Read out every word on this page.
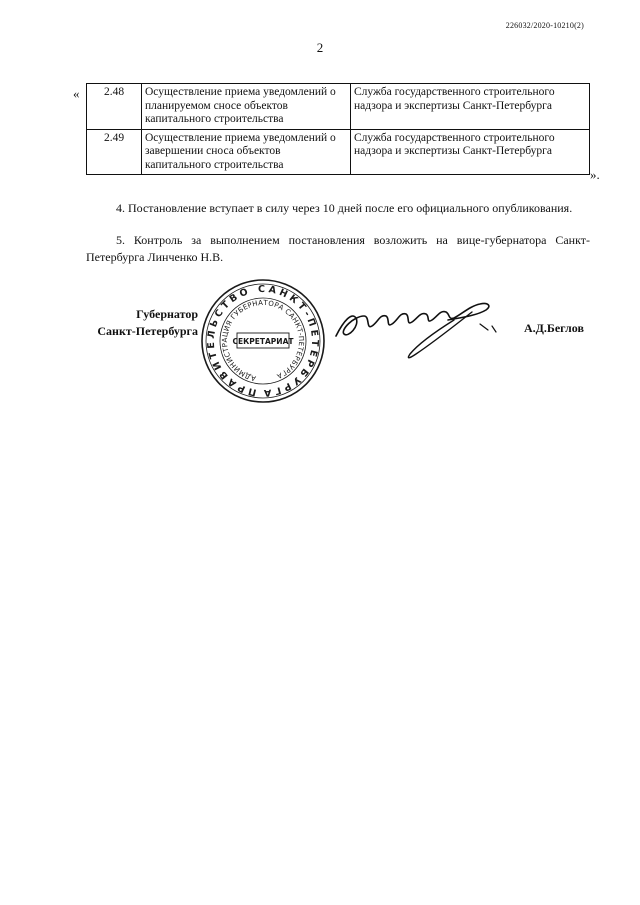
226032/2020-10210(2)
2
« 2.48	Осуществление приема уведомлений о планируемом сносе объектов капитального строительства	Служба государственного строительного надзора и экспертизы Санкт-Петербурга
2.49	Осуществление приема уведомлений о завершении сноса объектов капитального строительства	Служба государственного строительного надзора и экспертизы Санкт-Петербурга
».
4. Постановление вступает в силу через 10 дней после его официального опубликования.
5. Контроль за выполнением постановления возложить на вице-губернатора Санкт-Петербурга Линченко Н.В.
Губернатор
Санкт-Петербурга
ПРАВИТЕЛЬСТВО САНКТ-ПЕТЕРБУРГА
АДМИНИСТРАЦИЯ ГУБЕРНАТОРА САНКТ-ПЕТЕРБУРГА
СЕКРЕТАРИАТ
А.Д.Беглов
